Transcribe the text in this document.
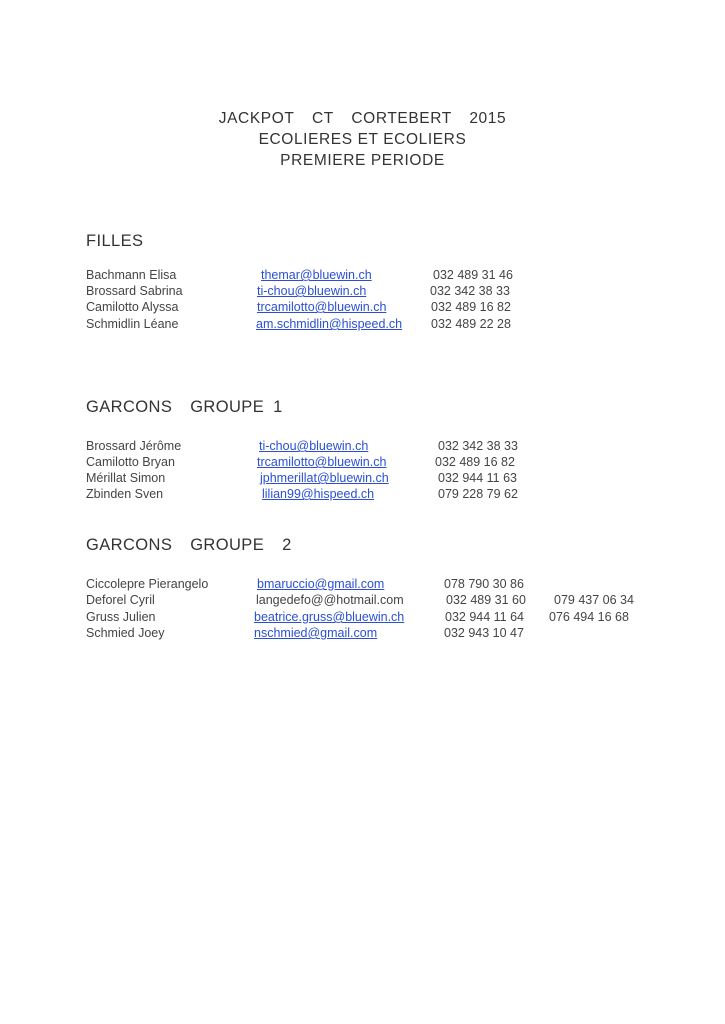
JACKPOT  CT  CORTEBERT  2015
ECOLIERES ET ECOLIERS
PREMIERE PERIODE
FILLES
Bachmann Elisa	themar@bluewin.ch	032 489 31 46
Brossard Sabrina	ti-chou@bluewin.ch	032 342 38 33
Camilotto Alyssa	trcamilotto@bluewin.ch	032 489 16 82
Schmidlin Léane	am.schmidlin@hispeed.ch 032 489 22 28
GARCONS  GROUPE 1
Brossard Jérôme	ti-chou@bluewin.ch	032 342 38 33
Camilotto Bryan	trcamilotto@bluewin.ch	032 489 16 82
Mérillat Simon	jphmerillat@bluewin.ch	032 944 11 63
Zbinden Sven	lilian99@hispeed.ch	079 228 79 62
GARCONS  GROUPE  2
Ciccolepre Pierangelo	bmaruccio@gmail.com	078 790 30 86
Deforel Cyril	langedefo@@hotmail.com	032 489 31 60 079 437 06 34
Gruss Julien	beatrice.gruss@bluewin.ch	032 944 11 64 076 494 16 68
Schmied Joey	nschmied@gmail.com	032 943 10 47
